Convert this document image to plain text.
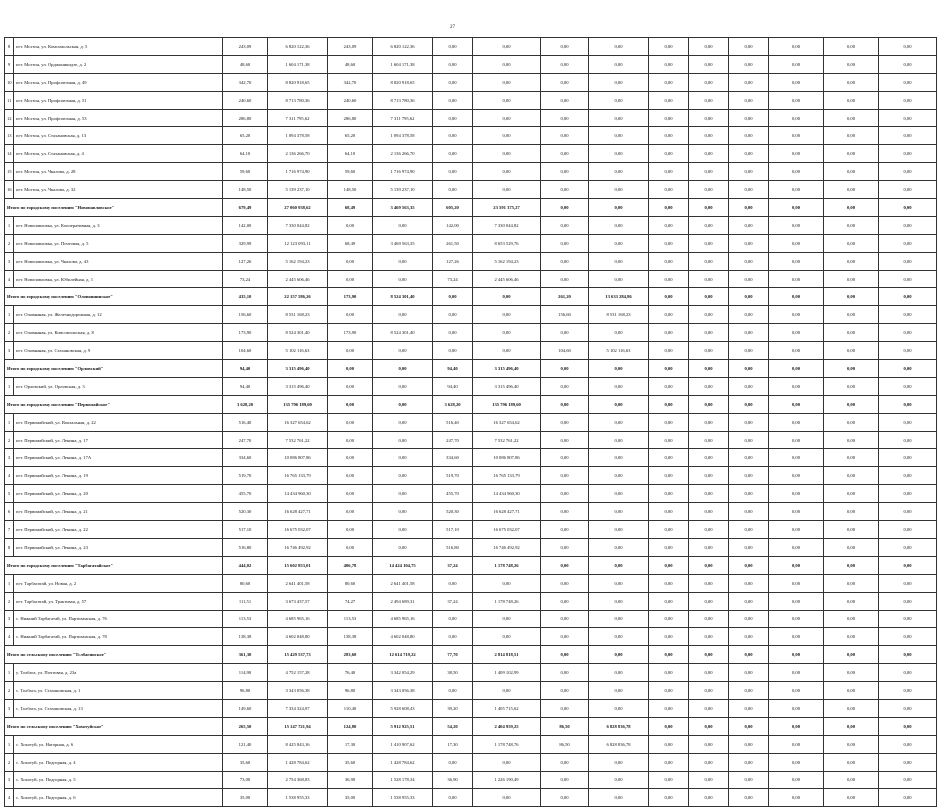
27
8	пгт. Могзон, ул. Комсомольская, д. 5	243,09	6 820 122,36	243,09	6 820 122,36	0,00	0,00	0,00	0,00	0,00	0,00	0,00	0,00	0,00	0,00
9	пгт. Могзон, ул. Орджоникидзе, д. 2	48,60	1 604 171,38	48,60	1 604 171,38	0,00	0,00	0,00	0,00	0,00	0,00	0,00	0,00	0,00	0,00
10	пгт. Могзон, ул. Профсоюзная, д. 49	342,70	8 820 918,65	342,70	8 820 918,65	0,00	0,00	0,00	0,00	0,00	0,00	0,00	0,00	0,00	0,00
11	пгт. Могзон, ул. Профсоюзная, д. 51	240,60	8 713 780,36	240,60	8 713 780,36	0,00	0,00	0,00	0,00	0,00	0,00	0,00	0,00	0,00	0,00
12	пгт. Могзон, ул. Профсоюзная, д. 53	286,80	7 311 795,62	286,80	7 311 795,62	0,00	0,00	0,00	0,00	0,00	0,00	0,00	0,00	0,00	0,00
13	пгт. Могзон, ул. Стахановская, д. 13	65,20	1 094 378,58	65,20	1 094 378,58	0,00	0,00	0,00	0,00	0,00	0,00	0,00	0,00	0,00	0,00
14	пгт. Могзон, ул. Стахановская, д. 4	64,10	2 136 266,70	64,10	2 136 266,70	0,00	0,00	0,00	0,00	0,00	0,00	0,00	0,00	0,00	0,00
15	пгт. Могзон, ул. Чкалова, д. 28	59,60	1 716 974,90	59,60	1 716 974,90	0,00	0,00	0,00	0,00	0,00	0,00	0,00	0,00	0,00	0,00
16	пгт. Могзон, ул. Чкалова, д. 32	148,50	5 139 237,10	148,50	5 139 237,10	0,00	0,00	0,00	0,00	0,00	0,00	0,00	0,00	0,00	0,00
Итого по городскому поселению "Новопавловское"		679,49	27 060 938,62	68,49	3 469 563,35	605,20	23 591 375,27	0,00	0,00	0,00	0,00	0,00	0,00	0,00	0,00
1	пгт. Новопавловка, ул. Кооперативная, д. 3	142,00	7 330 044,82	0,00	0,00	142,00	7 330 044,82	0,00	0,00	0,00	0,00	0,00	0,00	0,00	0,00
2	пгт. Новопавловка, ул. Почтовая, д. 5	329,99	12 123 093,11	68,49	3 469 563,35	261,50	8 653 529,76	0,00	0,00	0,00	0,00	0,00	0,00	0,00	0,00
3	пгт. Новопавловка, ул. Чкалова, д. 43	127,26	5 162 194,23	0,00	0,00	127,26	5 162 194,23	0,00	0,00	0,00	0,00	0,00	0,00	0,00	0,00
4	пгт. Новопавловка, ул. Юбилейная, д. 1	73,24	2 445 606,46	0,00	0,00	73,24	2 445 606,46	0,00	0,00	0,00	0,00	0,00	0,00	0,00	0,00
Итого по городскому поселению "Оловяннинское"		435,10	22 157 586,26	173,90	8 524 301,40	0,00	0,00	261,20	13 633 284,86	0,00	0,00	0,00	0,00	0,00	0,00
1	пгт. Оловянная, ул. Железнодорожная, д. 12	156,60	8 531 168,23	0,00	0,00	0,00	0,00	156,60	8 531 168,23	0,00	0,00	0,00	0,00	0,00	0,00
2	пгт. Оловянная, ул. Комсомольская, д. 8	173,90	8 524 301,40	173,90	8 524 301,40	0,00	0,00	0,00	0,00	0,00	0,00	0,00	0,00	0,00	0,00
3	пгт. Оловянная, ул. Стахановская, д. 9	104,60	5 102 116,63	0,00	0,00	0,00	0,00	104,60	5 102 116,63	0,00	0,00	0,00	0,00	0,00	0,00
Итого по городскому поселению "Орловский"		94,40	3 315 496,40	0,00	0,00	94,40	3 315 496,40	0,00	0,00	0,00	0,00	0,00	0,00	0,00	0,00
1	пгт. Орловский, ул. Орловская, д. 3	94,40	3 315 496,40	0,00	0,00	94,40	3 315 496,40	0,00	0,00	0,00	0,00	0,00	0,00	0,00	0,00
Итого по городскому поселению "Первомайское"		3 628,20	135 796 189,60	0,00	0,00	3 628,20	135 796 189,60	0,00	0,00	0,00	0,00	0,00	0,00	0,00	0,00
1	пгт. Первомайский, ул. Вокзальная, д. 22	516,40	16 327 654,62	0,00	0,00	516,40	16 327 654,62	0,00	0,00	0,00	0,00	0,00	0,00	0,00	0,00
2	пгт. Первомайский, ул. Ленина, д. 17	247,70	7 532 761,22	0,00	0,00	247,70	7 532 761,22	0,00	0,00	0,00	0,00	0,00	0,00	0,00	0,00
3	пгт. Первомайский, ул. Ленина, д. 17А	334,60	10 086 807,86	0,00	0,00	334,60	10 086 807,86	0,00	0,00	0,00	0,00	0,00	0,00	0,00	0,00
4	пгт. Первомайский, ул. Ленина, д. 19	519,70	16 765 133,79	0,00	0,00	519,70	16 765 133,79	0,00	0,00	0,00	0,00	0,00	0,00	0,00	0,00
5	пгт. Первомайский, ул. Ленина, д. 20	455,70	14 434 960,30	0,00	0,00	455,70	14 434 960,30	0,00	0,00	0,00	0,00	0,00	0,00	0,00	0,00
6	пгт. Первомайский, ул. Ленина, д. 21	520,30	16 628 427,71	0,00	0,00	520,30	16 628 427,71	0,00	0,00	0,00	0,00	0,00	0,00	0,00	0,00
7	пгт. Первомайский, ул. Ленина, д. 22	517,10	16 675 032,07	0,00	0,00	517,10	16 675 032,07	0,00	0,00	0,00	0,00	0,00	0,00	0,00	0,00
8	пгт. Первомайский, ул. Ленина, д. 23	516,80	16 746 492,92	0,00	0,00	516,80	16 746 492,92	0,00	0,00	0,00	0,00	0,00	0,00	0,00	0,00
Итого по городскому поселению "Тарбагатайское"		444,02	15 602 853,01	406,78	14 424 104,75	37,24	1 178 748,26	0,00	0,00	0,00	0,00	0,00	0,00	0,00	0,00
1	пгт. Тарбагатай, ул. Новая, д. 2	80,60	2 641 401,58	80,60	2 641 401,58	0,00	0,00	0,00	0,00	0,00	0,00	0,00	0,00	0,00	0,00
2	пгт. Тарбагатай, ул. Трактовая, д. 57	111,51	3 673 437,57	74,27	2 494 689,31	37,24	1 178 748,26	0,00	0,00	0,00	0,00	0,00	0,00	0,00	0,00
3	с. Нижний Тарбагатай, ул. Партизанская, д. 76	113,53	4 685 965,16	113,53	4 685 965,16	0,00	0,00	0,00	0,00	0,00	0,00	0,00	0,00	0,00	0,00
4	с. Нижний Тарбагатай, ул. Партизанская, д. 78	138,38	4 602 048,80	138,38	4 602 048,80	0,00	0,00	0,00	0,00	0,00	0,00	0,00	0,00	0,00	0,00
Итого по сельскому поселению "Тслбагинское"		361,30	15 429 537,73	283,60	12 614 719,22	77,70	2 814 818,51	0,00	0,00	0,00	0,00	0,00	0,00	0,00	0,00
1	у. Толбага, ул. Почтовая, д. 23а	114,90	4 752 157,28	76,40	3 342 054,29	38,50	1 409 102,99	0,00	0,00	0,00	0,00	0,00	0,00	0,00	0,00
2	с. Толбага, ул. Стахановская, д. 1	96,80	3 343 056,38	96,80	3 343 056,38	0,00	0,00	0,00	0,00	0,00	0,00	0,00	0,00	0,00	0,00
3	с. Толбага, ул. Стахановская, д. 13	149,60	7 334 324,07	110,40	5 928 608,43	39,20	1 405 715,62	0,00	0,00	0,00	0,00	0,00	0,00	0,00	0,00
Итого по сельскому поселению "Хохотуйское"		265,50	15 147 721,94	124,80	5 912 925,51	54,20	2 404 959,25	86,50	6 828 836,78	0,00	0,00	0,00	0,00	0,00	0,00
1	с. Хохотуй, ул. Нагорная, д. 6	121,40	8 425 843,16	17,30	1 410 907,62	17,30	1 178 748,76	86,50	6 828 836,78	0,00	0,00	0,00	0,00	0,00	0,00
2	с. Хохотуй, ул. Подгорная, д. 4	35,60	1 428 784,62	35,60	1 428 784,62	0,00	0,00	0,00	0,00	0,00	0,00	0,00	0,00	0,00	0,00
3	с. Хохотуй, ул. Подгорная, д. 5	73,00	2 754 368,83	36,90	1 528 178,34	36,90	1 226 190,49	0,00	0,00	0,00	0,00	0,00	0,00	0,00	0,00
4	с. Хохотуй, ул. Подгорная, д. 6	35,00	1 538 955,33	35,00	1 538 955,33	0,00	0,00	0,00	0,00	0,00	0,00	0,00	0,00	0,00	0,00
